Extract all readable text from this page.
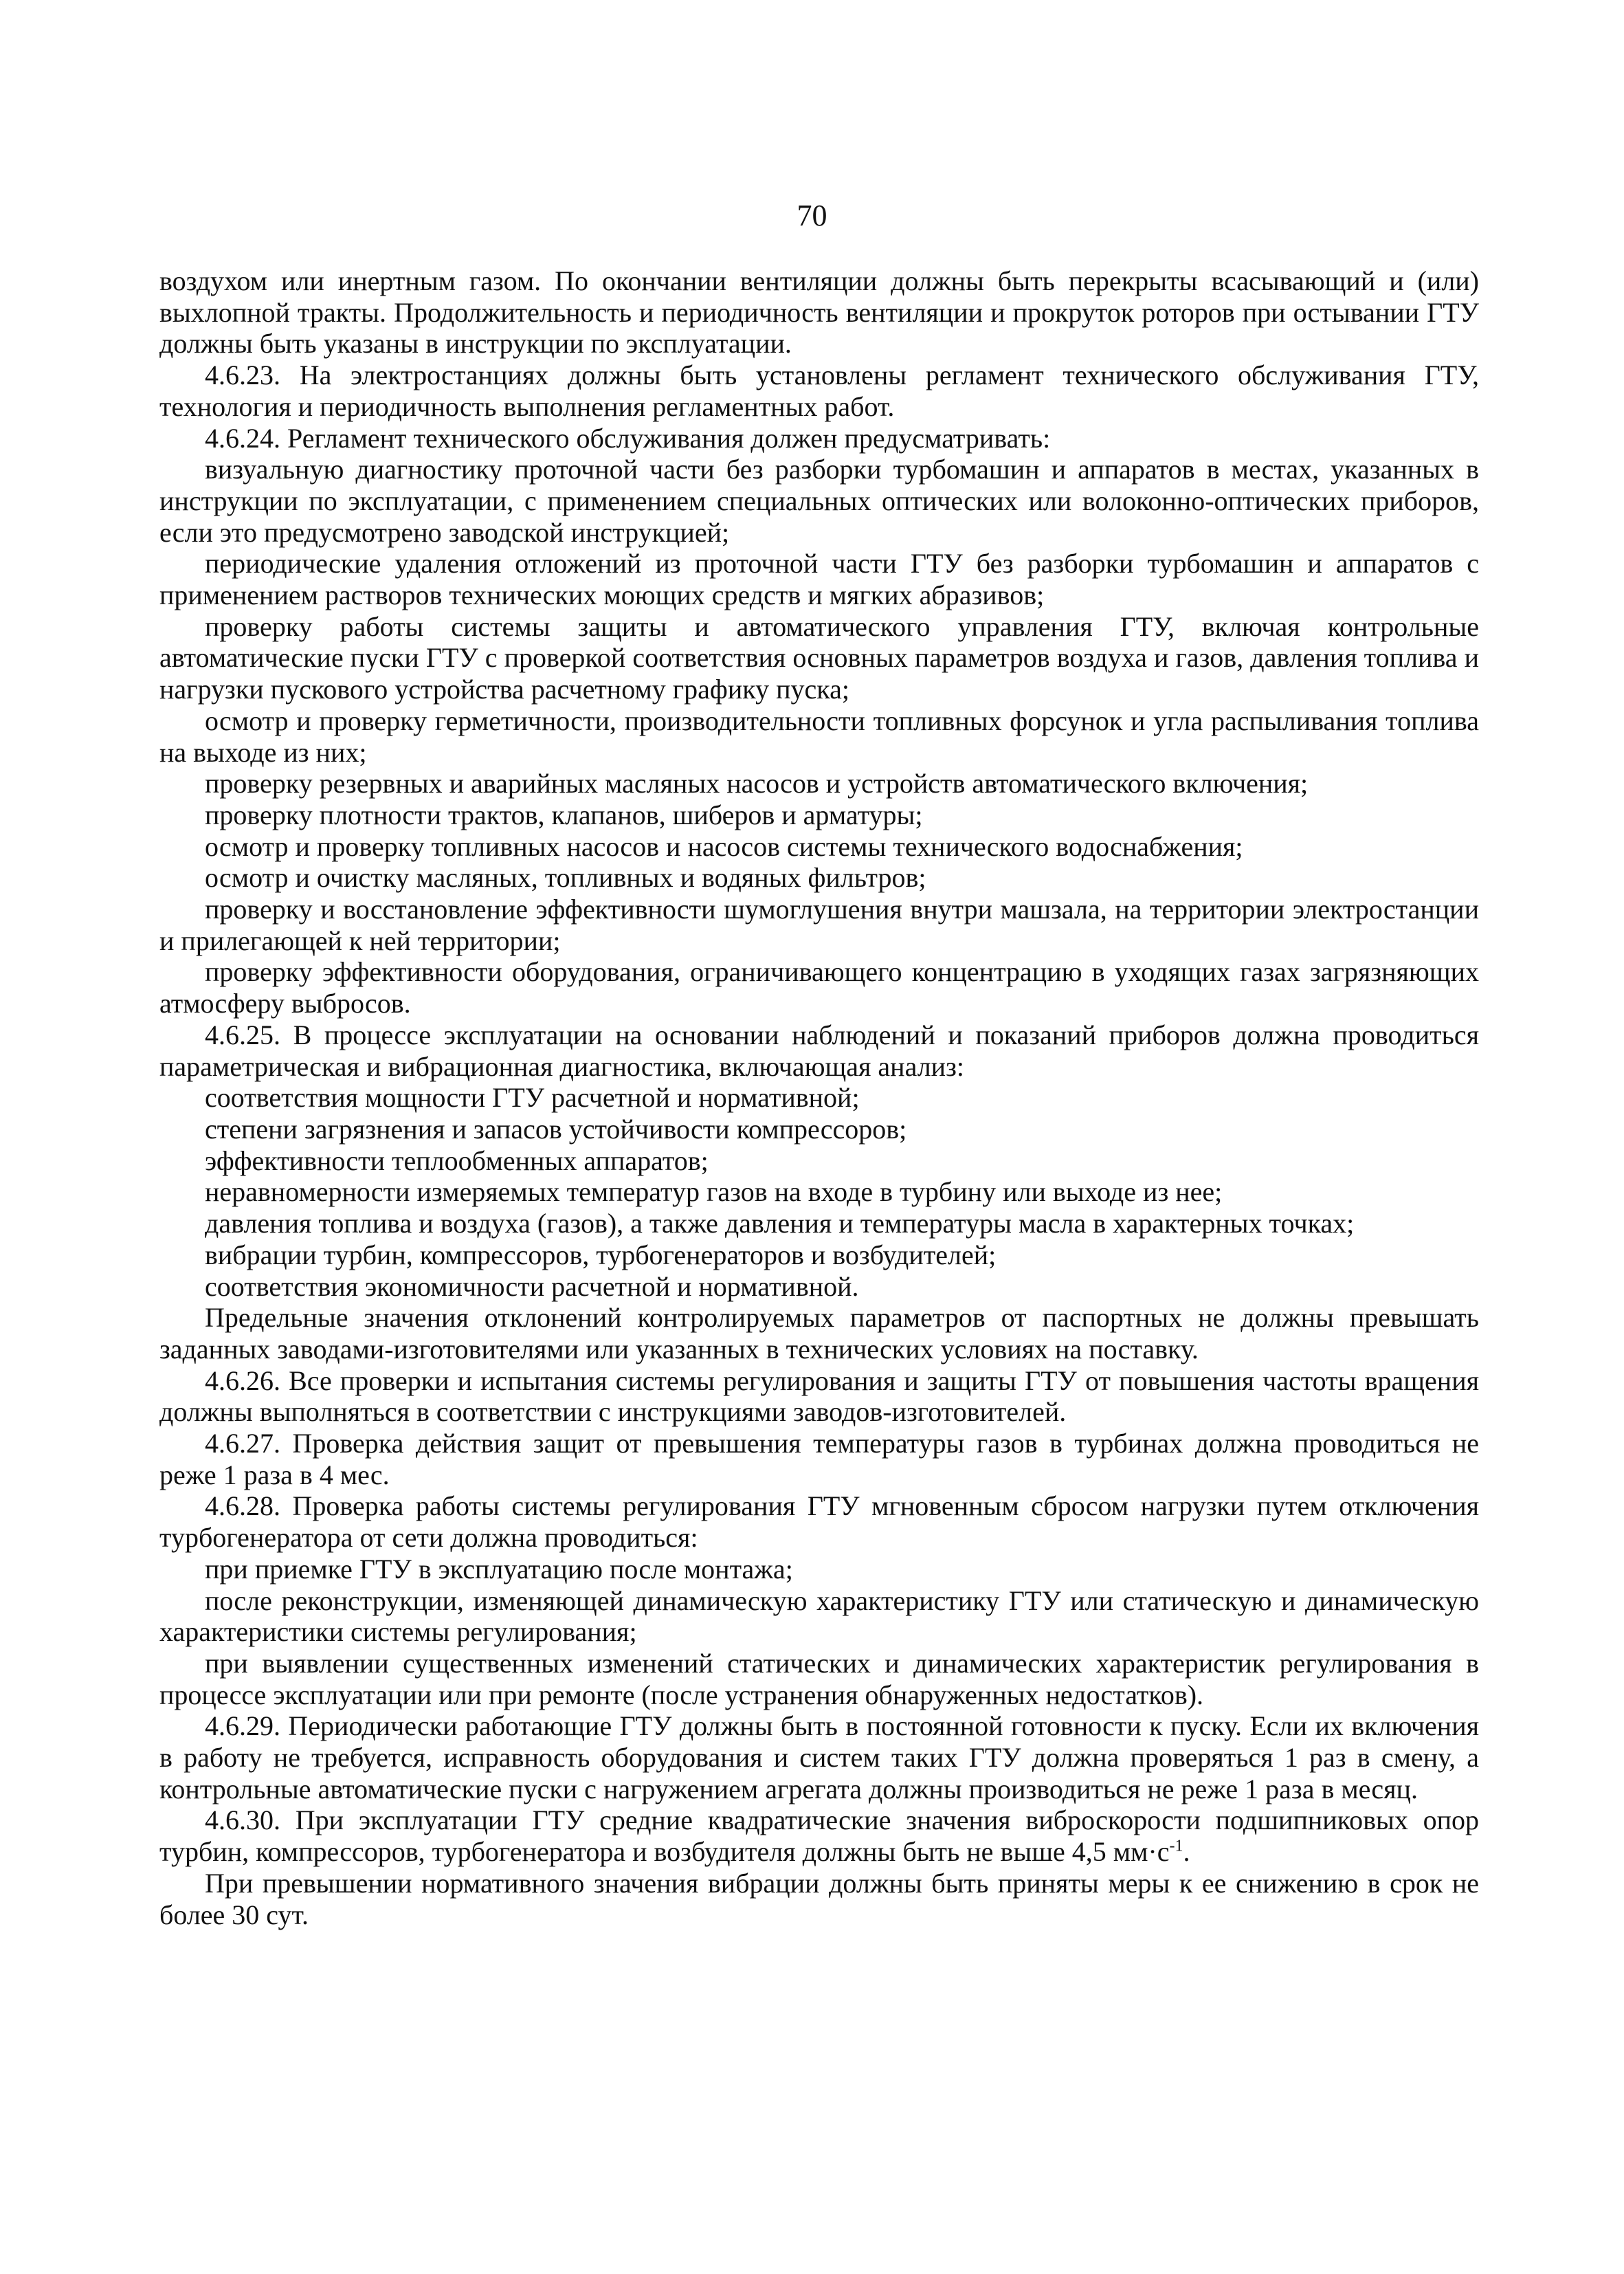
70

воздухом или инертным газом. По окончании вентиляции должны быть перекрыты всасывающий и (или) выхлопной тракты. Продолжительность и периодичность вентиляции и прокруток роторов при остывании ГТУ должны быть указаны в инструкции по эксплуатации.

4.6.23. На электростанциях должны быть установлены регламент технического обслуживания ГТУ, технология и периодичность выполнения регламентных работ.

4.6.24. Регламент технического обслуживания должен предусматривать:

визуальную диагностику проточной части без разборки турбомашин и аппаратов в местах, указанных в инструкции по эксплуатации, с применением специальных оптических или волоконно-оптических приборов, если это предусмотрено заводской инструкцией;

периодические удаления отложений из проточной части ГТУ без разборки турбомашин и аппаратов с применением растворов технических моющих средств и мягких абразивов;

проверку работы системы защиты и автоматического управления ГТУ, включая контрольные автоматические пуски ГТУ с проверкой соответствия основных параметров воздуха и газов, давления топлива и нагрузки пускового устройства расчетному графику пуска;

осмотр и проверку герметичности, производительности топливных форсунок и угла распыливания топлива на выходе из них;

проверку резервных и аварийных масляных насосов и устройств автоматического включения;

проверку плотности трактов, клапанов, шиберов и арматуры;

осмотр и проверку топливных насосов и насосов системы технического водоснабжения;

осмотр и очистку масляных, топливных и водяных фильтров;

проверку и восстановление эффективности шумоглушения внутри машзала, на территории электростанции и прилегающей к ней территории;

проверку эффективности оборудования, ограничивающего концентрацию в уходящих газах загрязняющих атмосферу выбросов.

4.6.25. В процессе эксплуатации на основании наблюдений и показаний приборов должна проводиться параметрическая и вибрационная диагностика, включающая анализ:

соответствия мощности ГТУ расчетной и нормативной;

степени загрязнения и запасов устойчивости компрессоров;

эффективности теплообменных аппаратов;

неравномерности измеряемых температур газов на входе в турбину или выходе из нее;

давления топлива и воздуха (газов), а также давления и температуры масла в характерных точках;

вибрации турбин, компрессоров, турбогенераторов и возбудителей;

соответствия экономичности расчетной и нормативной.

Предельные значения отклонений контролируемых параметров от паспортных не должны превышать заданных заводами-изготовителями или указанных в технических условиях на поставку.

4.6.26. Все проверки и испытания системы регулирования и защиты ГТУ от повышения частоты вращения должны выполняться в соответствии с инструкциями заводов-изготовителей.

4.6.27. Проверка действия защит от превышения температуры газов в турбинах должна проводиться не реже 1 раза в 4 мес.

4.6.28. Проверка работы системы регулирования ГТУ мгновенным сбросом нагрузки путем отключения турбогенератора от сети должна проводиться:

при приемке ГТУ в эксплуатацию после монтажа;

после реконструкции, изменяющей динамическую характеристику ГТУ или статическую и динамическую характеристики системы регулирования;

при выявлении существенных изменений статических и динамических характеристик регулирования в процессе эксплуатации или при ремонте (после устранения обнаруженных недостатков).

4.6.29. Периодически работающие ГТУ должны быть в постоянной готовности к пуску. Если их включения в работу не требуется, исправность оборудования и систем таких ГТУ должна проверяться 1 раз в смену, а контрольные автоматические пуски с нагружением агрегата должны производиться не реже 1 раза в месяц.

4.6.30. При эксплуатации ГТУ средние квадратические значения виброскорости подшипниковых опор турбин, компрессоров, турбогенератора и возбудителя должны быть не выше 4,5 $мм\cdot с^{-1}$.

При превышении нормативного значения вибрации должны быть приняты меры к ее снижению в срок не более 30 сут.
